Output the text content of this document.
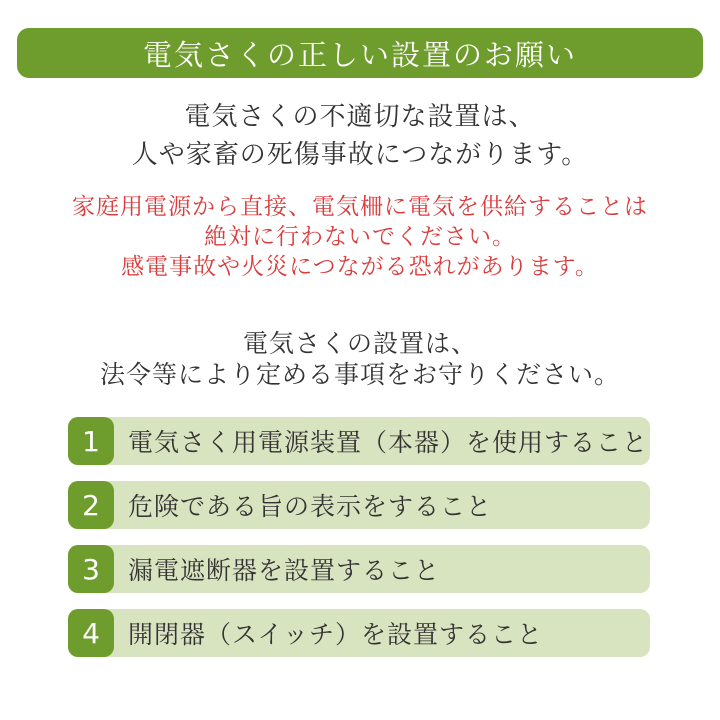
電気さくの正しい設置のお願い
電気さくの不適切な設置は、
人や家畜の死傷事故につながります。
家庭用電源から直接、電気柵に電気を供給することは
絶対に行わないでください。
感電事故や火災につながる恐れがあります。
電気さくの設置は、
法令等により定める事項をお守りください。
1	電気さく用電源装置（本器）を使用すること
2	危険である旨の表示をすること
3	漏電遮断器を設置すること
4	開閉器（スイッチ）を設置すること
